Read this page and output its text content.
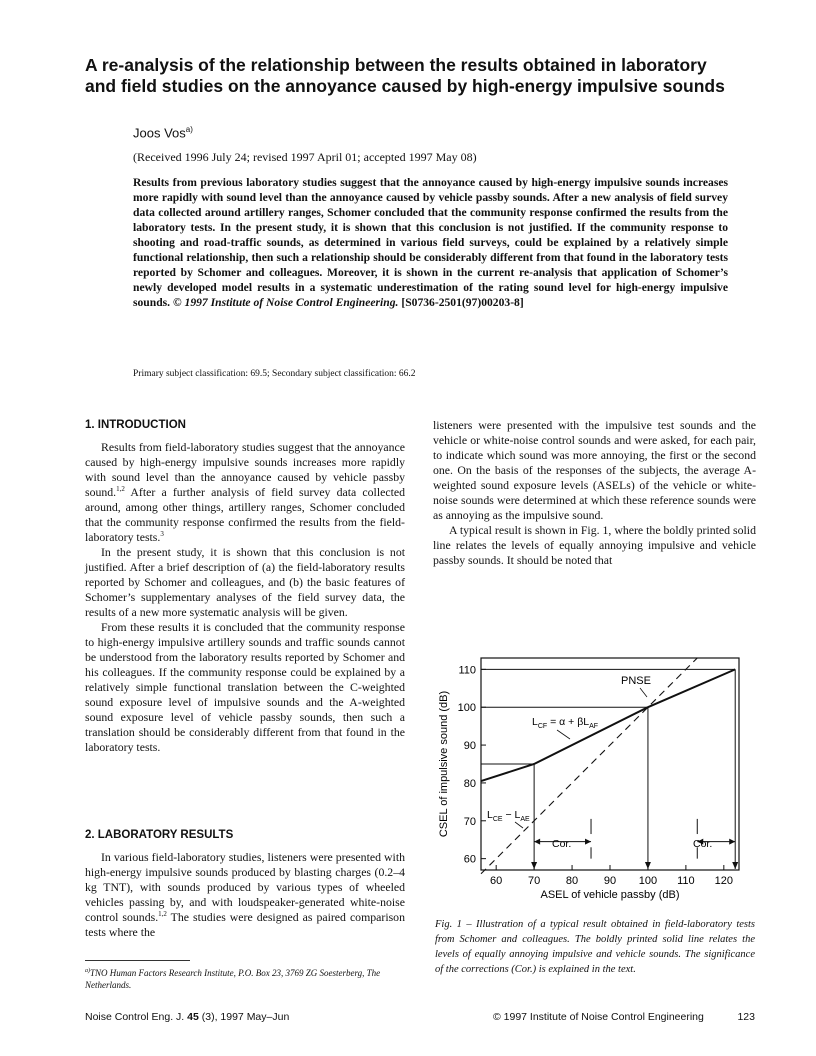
A re-analysis of the relationship between the results obtained in laboratory and field studies on the annoyance caused by high-energy impulsive sounds
Joos Vos$^{a)}$
(Received 1996 July 24; revised 1997 April 01; accepted 1997 May 08)

Results from previous laboratory studies suggest that the annoyance caused by high-energy impulsive sounds increases more rapidly with sound level than the annoyance caused by vehicle passby sounds. After a new analysis of field survey data collected around artillery ranges, Schomer concluded that the community response confirmed the results from the laboratory tests. In the present study, it is shown that this conclusion is not justified. If the community response to shooting and road-traffic sounds, as determined in various field surveys, could be explained by a relatively simple functional relationship, then such a relationship should be considerably different from that found in the laboratory tests reported by Schomer and colleagues. Moreover, it is shown in the current re-analysis that application of Schomer’s newly developed model results in a systematic underestimation of the rating sound level for high-energy impulsive sounds. © 1997 Institute of Noise Control Engineering. [S0736-2501(97)00203-8]

Primary subject classification: 69.5; Secondary subject classification: 66.2
1. INTRODUCTION

Results from field-laboratory studies suggest that the annoyance caused by high-energy impulsive sounds increases more rapidly with sound level than the annoyance caused by vehicle passby sound.$^{1,2}$ After a further analysis of field survey data collected around, among other things, artillery ranges, Schomer concluded that the community response confirmed the results from the field-laboratory tests.$^3$

In the present study, it is shown that this conclusion is not justified. After a brief description of (a) the field-laboratory results reported by Schomer and colleagues, and (b) the basic features of Schomer’s supplementary analyses of the field survey data, the results of a new more systematic analysis will be given.

From these results it is concluded that the community response to high-energy impulsive artillery sounds and traffic sounds cannot be understood from the laboratory results reported by Schomer and his colleagues. If the community response could be explained by a relatively simple functional translation between the C-weighted sound exposure level of impulsive sounds and the A-weighted sound exposure level of vehicle passby sounds, then such a translation should be considerably different from that found in the laboratory tests.

2. LABORATORY RESULTS

In various field-laboratory studies, listeners were presented with high-energy impulsive sounds produced by blasting charges (0.2–4 kg TNT), with sounds produced by various types of wheeled vehicles passing by, and with loudspeaker-generated white-noise control sounds.$^{1,2}$ The studies were designed as paired comparison tests where the

listeners were presented with the impulsive test sounds and the vehicle or white-noise control sounds and were asked, for each pair, to indicate which sound was more annoying, the first or the second one. On the basis of the responses of the subjects, the average A-weighted sound exposure levels (ASELs) of the vehicle or white-noise sounds were determined at which these reference sounds were as annoying as the impulsive sound.

A typical result is shown in Fig. 1, where the boldly printed solid line relates the levels of equally annoying impulsive and vehicle passby sounds. It should be noted that

60 70 80 90 100 110 120
60
70
80
90
100
110
PNSE
$L_{CF} = \alpha + \beta L_{AF}$
$L_{CE} - L_{AE}$
Cor.	Cor.
ASEL of vehicle passby (dB)
CSEL of impulsive sound (dB)
Fig. 1 – Illustration of a typical result obtained in field-laboratory tests from Schomer and colleagues. The boldly printed solid line relates the levels of equally annoying impulsive and vehicle sounds. The significance of the corrections (Cor.) is explained in the text.
$^{a)}$TNO Human Factors Research Institute, P.O. Box 23, 3769 ZG Soesterberg, The Netherlands.
Noise Control Eng. J. 45 (3), 1997 May–Jun	© 1997 Institute of Noise Control Engineering	123
